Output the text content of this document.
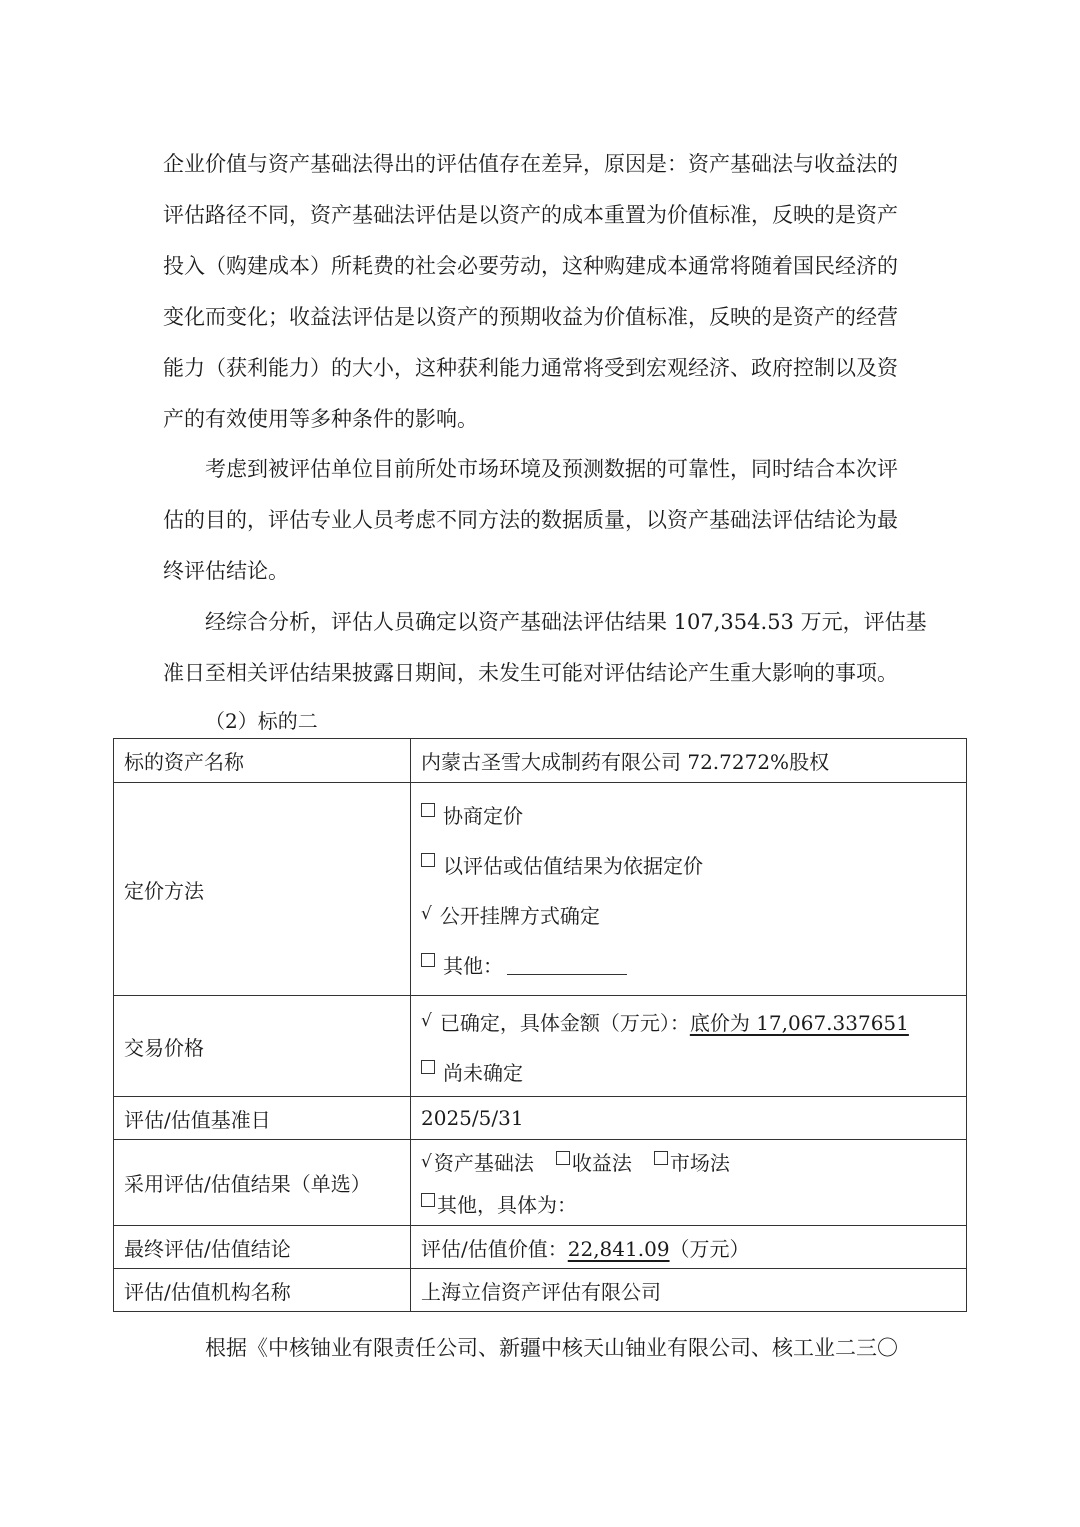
企业价值与资产基础法得出的评估值存在差异，原因是：资产基础法与收益法的
评估路径不同，资产基础法评估是以资产的成本重置为价值标准，反映的是资产
投入（购建成本）所耗费的社会必要劳动，这种购建成本通常将随着国民经济的
变化而变化；收益法评估是以资产的预期收益为价值标准，反映的是资产的经营
能力（获利能力）的大小，这种获利能力通常将受到宏观经济、政府控制以及资
产的有效使用等多种条件的影响。

考虑到被评估单位目前所处市场环境及预测数据的可靠性，同时结合本次评
估的目的，评估专业人员考虑不同方法的数据质量，以资产基础法评估结论为最
终评估结论。

经综合分析，评估人员确定以资产基础法评估结果 107,354.53 万元，评估基
准日至相关评估结果披露日期间，未发生可能对评估结论产生重大影响的事项。

（2）标的二

标的资产名称	内蒙古圣雪大成制药有限公司 72.7272%股权
定价方法	协商定价
以评估或估值结果为依据定价
√ 公开挂牌方式确定
其他：

交易价格	√ 已确定，具体金额（万元）： 底价为 17,067.337651
尚未确定

评估/估值基准日	2025/5/31
采用评估/估值结果（单选）	√ 资产基础法 收益法 市场法
其他，具体为：

最终评估/估值结论	评估/估值价值：22,841.09（万元）
评估/估值机构名称	上海立信资产评估有限公司

根据《中核铀业有限责任公司、新疆中核天山铀业有限公司、核工业二三〇
